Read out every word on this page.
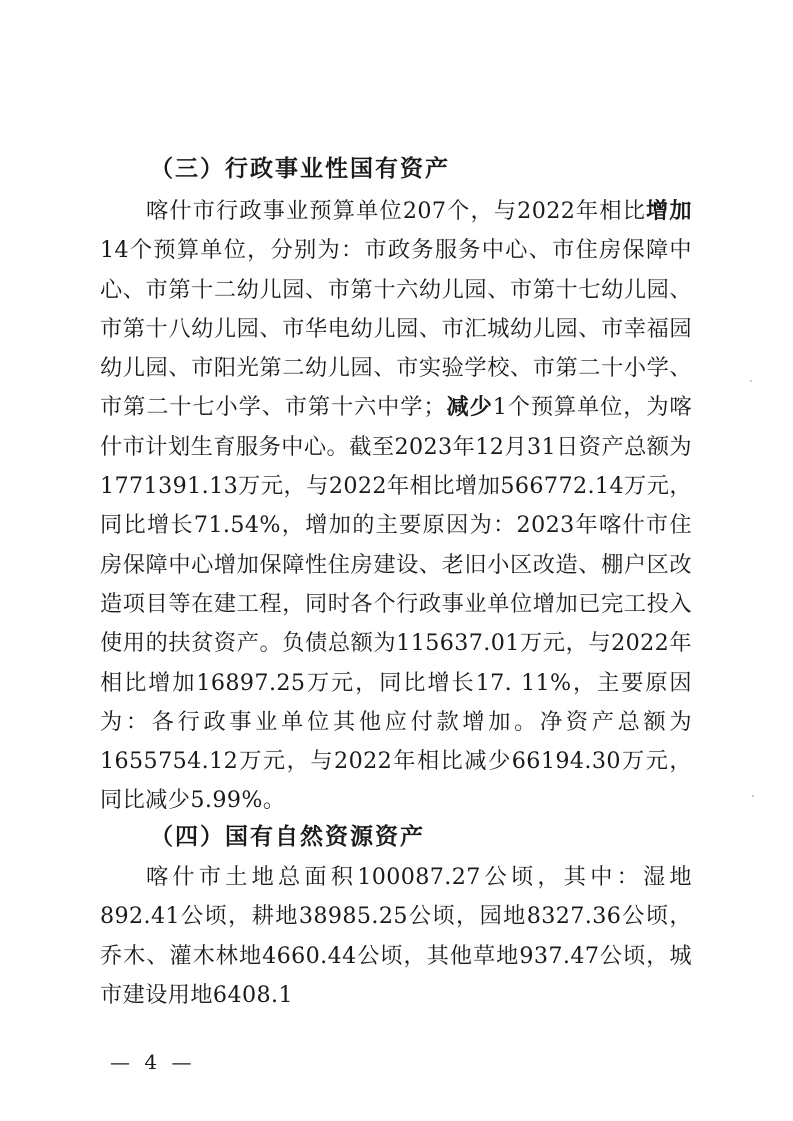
（三）行政事业性国有资产

喀什市行政事业预算单位207个，与2022年相比增加14个预算单位，分别为：市政务服务中心、市住房保障中心、市第十二幼儿园、市第十六幼儿园、市第十七幼儿园、市第十八幼儿园、市华电幼儿园、市汇城幼儿园、市幸福园幼儿园、市阳光第二幼儿园、市实验学校、市第二十小学、市第二十七小学、市第十六中学；减少1个预算单位，为喀什市计划生育服务中心。截至2023年12月31日资产总额为1771391.13万元，与2022年相比增加566772.14万元，同比增长71.54%，增加的主要原因为：2023年喀什市住房保障中心增加保障性住房建设、老旧小区改造、棚户区改造项目等在建工程，同时各个行政事业单位增加已完工投入使用的扶贫资产。负债总额为115637.01万元，与2022年相比增加16897.25万元，同比增长17. 11%，主要原因为：各行政事业单位其他应付款增加。净资产总额为1655754.12万元，与2022年相比减少66194.30万元，同比减少5.99%。

（四）国有自然资源资产

喀什市土地总面积100087.27公顷，其中：湿地892.41公顷，耕地38985.25公顷，园地8327.36公顷，乔木、灌木林地4660.44公顷，其他草地937.47公顷，城市建设用地6408.1

— 4 —
